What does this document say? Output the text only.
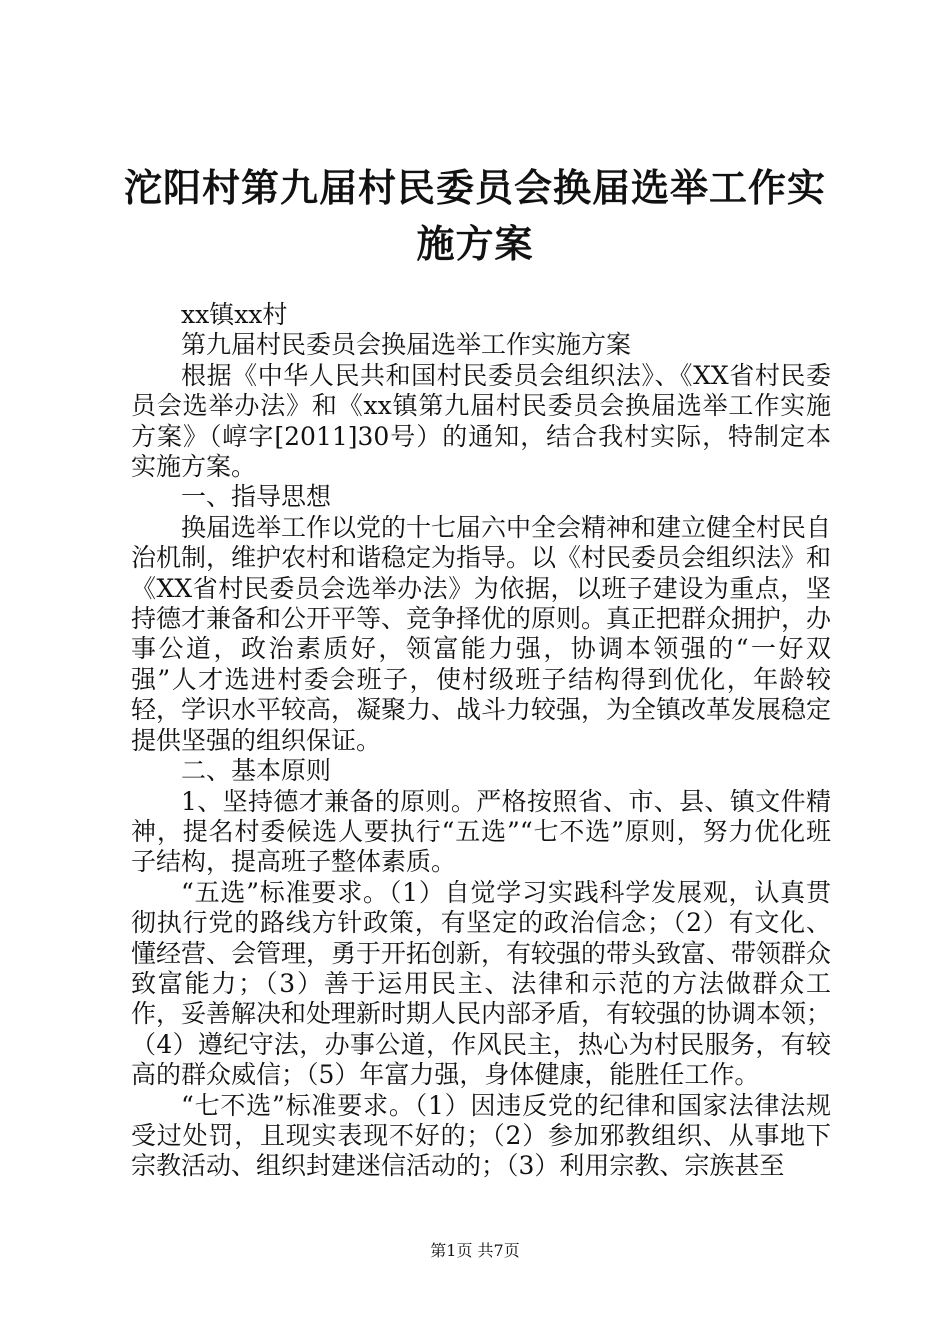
沱阳村第九届村民委员会换届选举工作实施方案

xx镇xx村

第九届村民委员会换届选举工作实施方案

根据《中华人民共和国村民委员会组织法》、《XX省村民委员会选举办法》和《xx镇第九届村民委员会换届选举工作实施方案》（崞字[2011]30号）的通知，结合我村实际，特制定本实施方案。

一、指导思想

换届选举工作以党的十七届六中全会精神和建立健全村民自治机制，维护农村和谐稳定为指导。以《村民委员会组织法》和《XX省村民委员会选举办法》为依据，以班子建设为重点，坚持德才兼备和公开平等、竞争择优的原则。真正把群众拥护，办事公道，政治素质好，领富能力强，协调本领强的“一好双强”人才选进村委会班子，使村级班子结构得到优化，年龄较轻，学识水平较高，凝聚力、战斗力较强，为全镇改革发展稳定提供坚强的组织保证。

二、基本原则

1、坚持德才兼备的原则。严格按照省、市、县、镇文件精神，提名村委候选人要执行“五选”“七不选”原则，努力优化班子结构，提高班子整体素质。

“五选”标准要求。（1）自觉学习实践科学发展观，认真贯彻执行党的路线方针政策，有坚定的政治信念；（2）有文化、懂经营、会管理，勇于开拓创新，有较强的带头致富、带领群众致富能力；（3）善于运用民主、法律和示范的方法做群众工作，妥善解决和处理新时期人民内部矛盾，有较强的协调本领；（4）遵纪守法，办事公道，作风民主，热心为村民服务，有较高的群众威信；（5）年富力强，身体健康，能胜任工作。

“七不选”标准要求。（1）因违反党的纪律和国家法律法规受过处罚，且现实表现不好的；（2）参加邪教组织、从事地下宗教活动、组织封建迷信活动的；（3）利用宗教、宗族甚至

第1页 共7页
